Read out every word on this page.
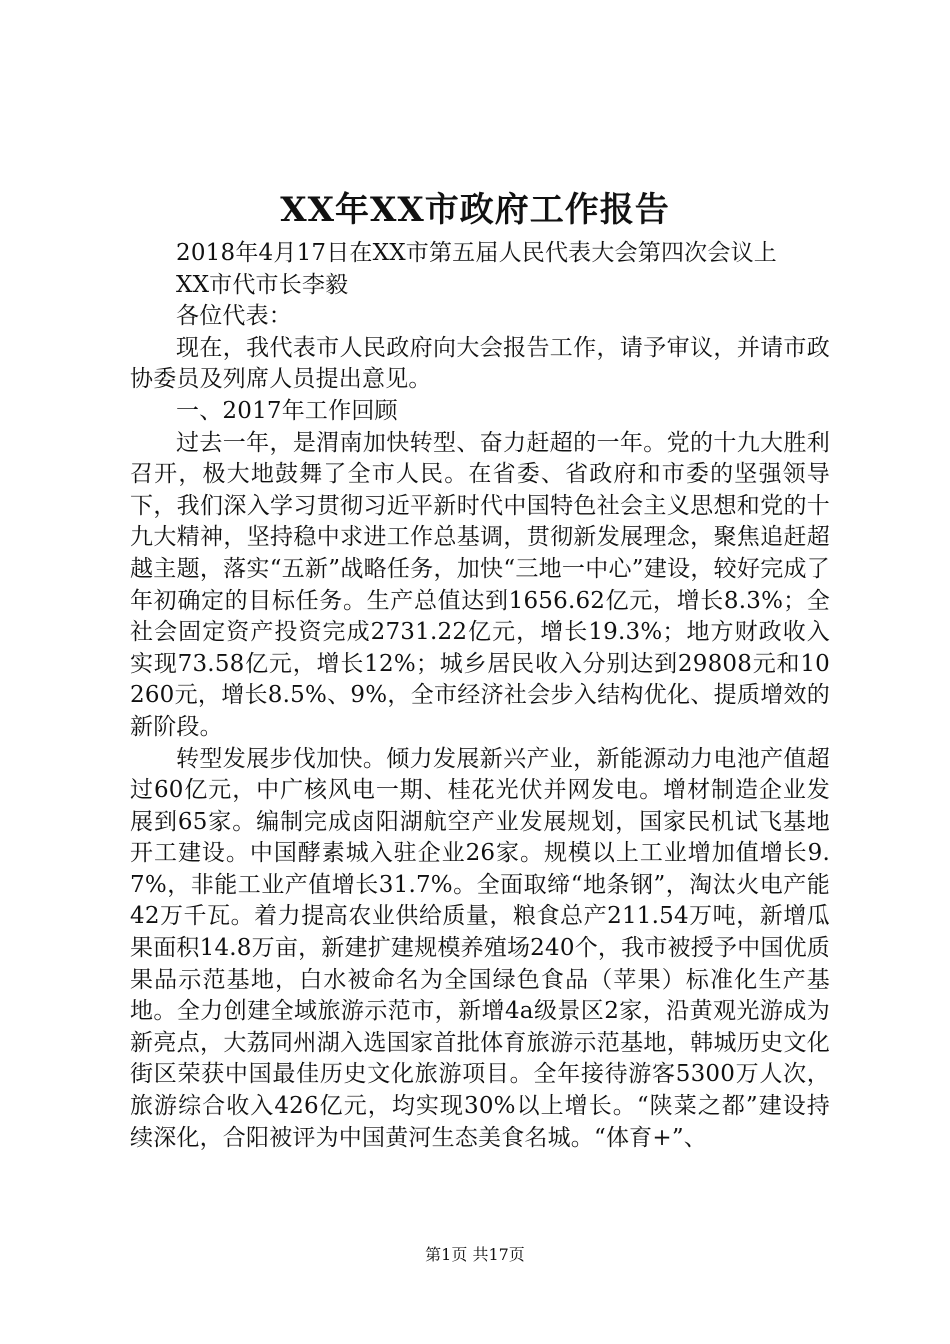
XX年XX市政府工作报告

2018年4月17日在XX市第五届人民代表大会第四次会议上

XX市代市长李毅

各位代表：

现在，我代表市人民政府向大会报告工作，请予审议，并请市政协委员及列席人员提出意见。

一、2017年工作回顾

过去一年，是渭南加快转型、奋力赶超的一年。党的十九大胜利召开，极大地鼓舞了全市人民。在省委、省政府和市委的坚强领导下，我们深入学习贯彻习近平新时代中国特色社会主义思想和党的十九大精神，坚持稳中求进工作总基调，贯彻新发展理念，聚焦追赶超越主题，落实“五新”战略任务，加快“三地一中心”建设，较好完成了年初确定的目标任务。生产总值达到1656.62亿元，增长8.3%；全社会固定资产投资完成2731.22亿元，增长19.3%；地方财政收入实现73.58亿元，增长12%；城乡居民收入分别达到29808元和10260元，增长8.5%、9%，全市经济社会步入结构优化、提质增效的新阶段。

转型发展步伐加快。倾力发展新兴产业，新能源动力电池产值超过60亿元，中广核风电一期、桂花光伏并网发电。增材制造企业发展到65家。编制完成卤阳湖航空产业发展规划，国家民机试飞基地开工建设。中国酵素城入驻企业26家。规模以上工业增加值增长9.7%，非能工业产值增长31.7%。全面取缔“地条钢”，淘汰火电产能42万千瓦。着力提高农业供给质量，粮食总产211.54万吨，新增瓜果面积14.8万亩，新建扩建规模养殖场240个，我市被授予中国优质果品示范基地，白水被命名为全国绿色食品（苹果）标准化生产基地。全力创建全域旅游示范市，新增4a级景区2家，沿黄观光游成为新亮点，大荔同州湖入选国家首批体育旅游示范基地，韩城历史文化街区荣获中国最佳历史文化旅游项目。全年接待游客5300万人次，旅游综合收入426亿元，均实现30%以上增长。“陕菜之都”建设持续深化，合阳被评为中国黄河生态美食名城。“体育+”、

第1页 共17页
